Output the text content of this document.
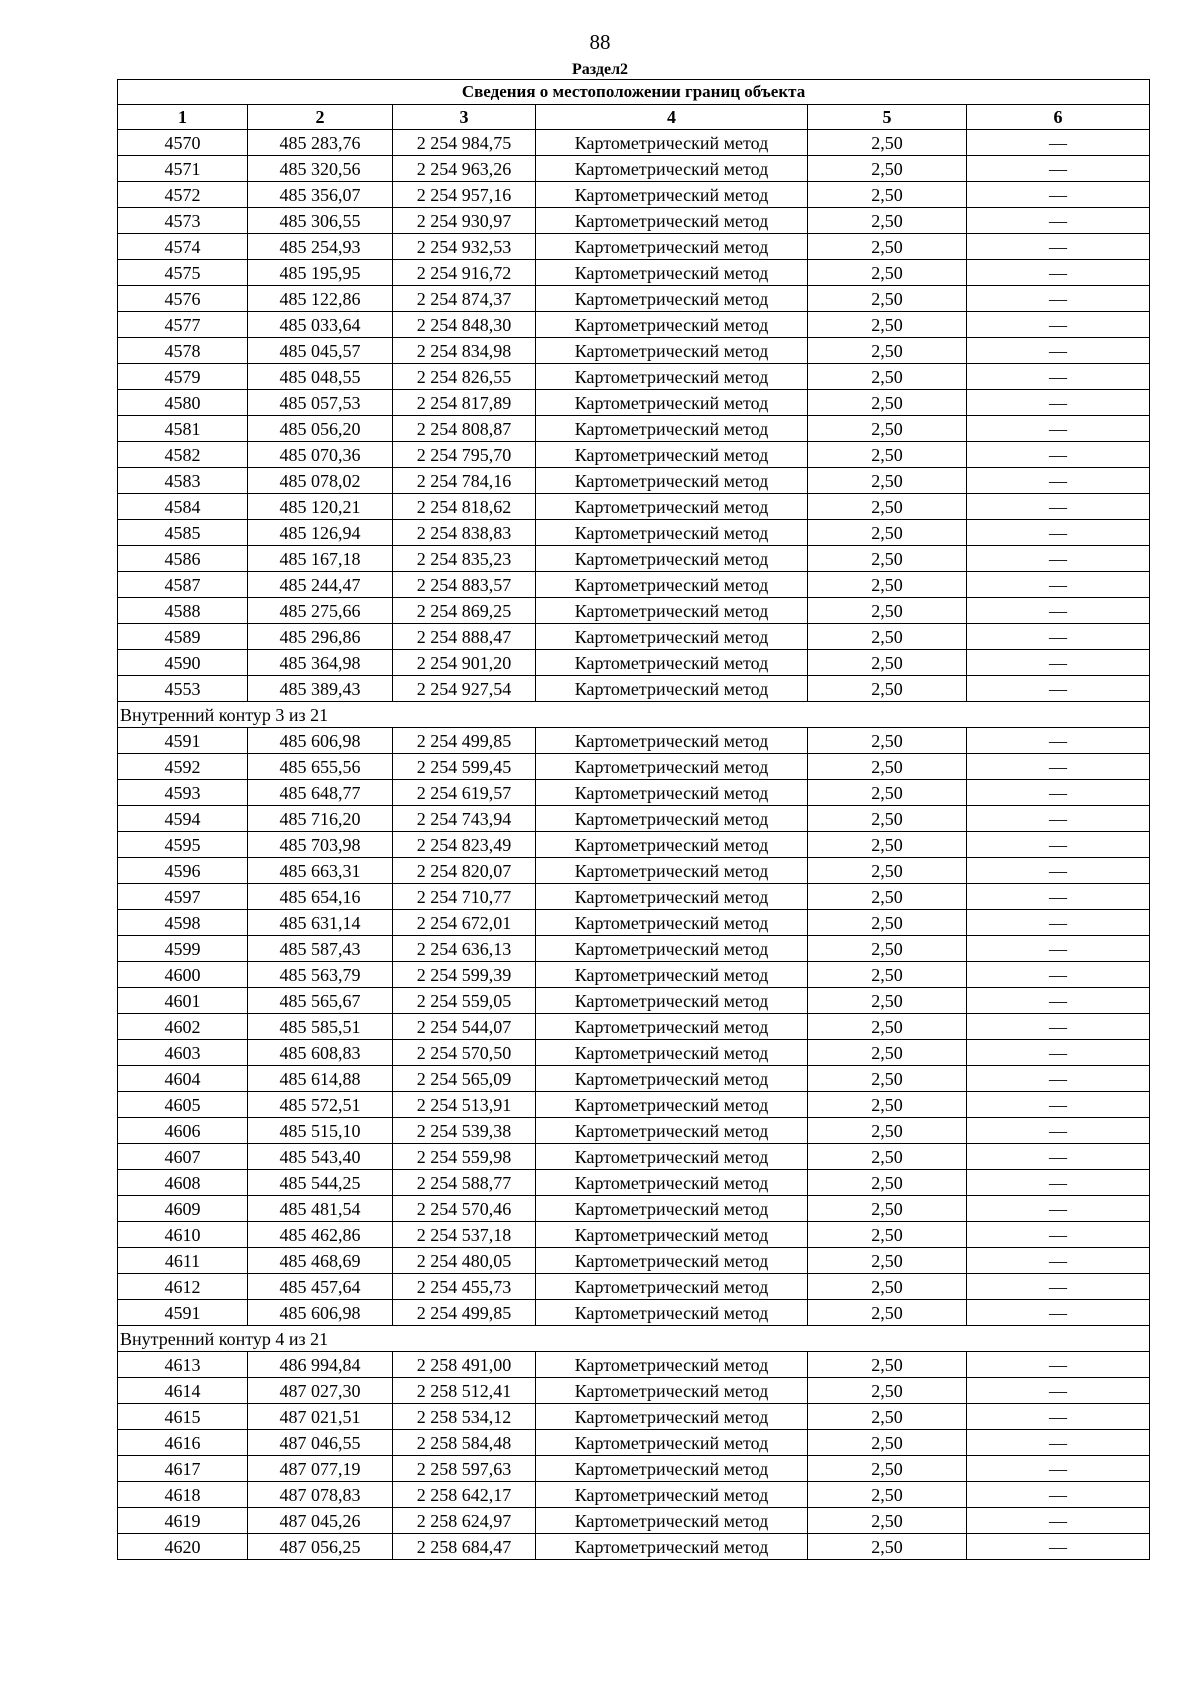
88
Раздел2
Сведения о местоположении границ объекта					
1	2	3	4	5	6
4570	485 283,76	2 254 984,75	Картометрический метод	2,50	—
4571	485 320,56	2 254 963,26	Картометрический метод	2,50	—
4572	485 356,07	2 254 957,16	Картометрический метод	2,50	—
4573	485 306,55	2 254 930,97	Картометрический метод	2,50	—
4574	485 254,93	2 254 932,53	Картометрический метод	2,50	—
4575	485 195,95	2 254 916,72	Картометрический метод	2,50	—
4576	485 122,86	2 254 874,37	Картометрический метод	2,50	—
4577	485 033,64	2 254 848,30	Картометрический метод	2,50	—
4578	485 045,57	2 254 834,98	Картометрический метод	2,50	—
4579	485 048,55	2 254 826,55	Картометрический метод	2,50	—
4580	485 057,53	2 254 817,89	Картометрический метод	2,50	—
4581	485 056,20	2 254 808,87	Картометрический метод	2,50	—
4582	485 070,36	2 254 795,70	Картометрический метод	2,50	—
4583	485 078,02	2 254 784,16	Картометрический метод	2,50	—
4584	485 120,21	2 254 818,62	Картометрический метод	2,50	—
4585	485 126,94	2 254 838,83	Картометрический метод	2,50	—
4586	485 167,18	2 254 835,23	Картометрический метод	2,50	—
4587	485 244,47	2 254 883,57	Картометрический метод	2,50	—
4588	485 275,66	2 254 869,25	Картометрический метод	2,50	—
4589	485 296,86	2 254 888,47	Картометрический метод	2,50	—
4590	485 364,98	2 254 901,20	Картометрический метод	2,50	—
4553	485 389,43	2 254 927,54	Картометрический метод	2,50	—
Внутренний контур 3 из 21					
4591	485 606,98	2 254 499,85	Картометрический метод	2,50	—
4592	485 655,56	2 254 599,45	Картометрический метод	2,50	—
4593	485 648,77	2 254 619,57	Картометрический метод	2,50	—
4594	485 716,20	2 254 743,94	Картометрический метод	2,50	—
4595	485 703,98	2 254 823,49	Картометрический метод	2,50	—
4596	485 663,31	2 254 820,07	Картометрический метод	2,50	—
4597	485 654,16	2 254 710,77	Картометрический метод	2,50	—
4598	485 631,14	2 254 672,01	Картометрический метод	2,50	—
4599	485 587,43	2 254 636,13	Картометрический метод	2,50	—
4600	485 563,79	2 254 599,39	Картометрический метод	2,50	—
4601	485 565,67	2 254 559,05	Картометрический метод	2,50	—
4602	485 585,51	2 254 544,07	Картометрический метод	2,50	—
4603	485 608,83	2 254 570,50	Картометрический метод	2,50	—
4604	485 614,88	2 254 565,09	Картометрический метод	2,50	—
4605	485 572,51	2 254 513,91	Картометрический метод	2,50	—
4606	485 515,10	2 254 539,38	Картометрический метод	2,50	—
4607	485 543,40	2 254 559,98	Картометрический метод	2,50	—
4608	485 544,25	2 254 588,77	Картометрический метод	2,50	—
4609	485 481,54	2 254 570,46	Картометрический метод	2,50	—
4610	485 462,86	2 254 537,18	Картометрический метод	2,50	—
4611	485 468,69	2 254 480,05	Картометрический метод	2,50	—
4612	485 457,64	2 254 455,73	Картометрический метод	2,50	—
4591	485 606,98	2 254 499,85	Картометрический метод	2,50	—
Внутренний контур 4 из 21					
4613	486 994,84	2 258 491,00	Картометрический метод	2,50	—
4614	487 027,30	2 258 512,41	Картометрический метод	2,50	—
4615	487 021,51	2 258 534,12	Картометрический метод	2,50	—
4616	487 046,55	2 258 584,48	Картометрический метод	2,50	—
4617	487 077,19	2 258 597,63	Картометрический метод	2,50	—
4618	487 078,83	2 258 642,17	Картометрический метод	2,50	—
4619	487 045,26	2 258 624,97	Картометрический метод	2,50	—
4620	487 056,25	2 258 684,47	Картометрический метод	2,50	—
